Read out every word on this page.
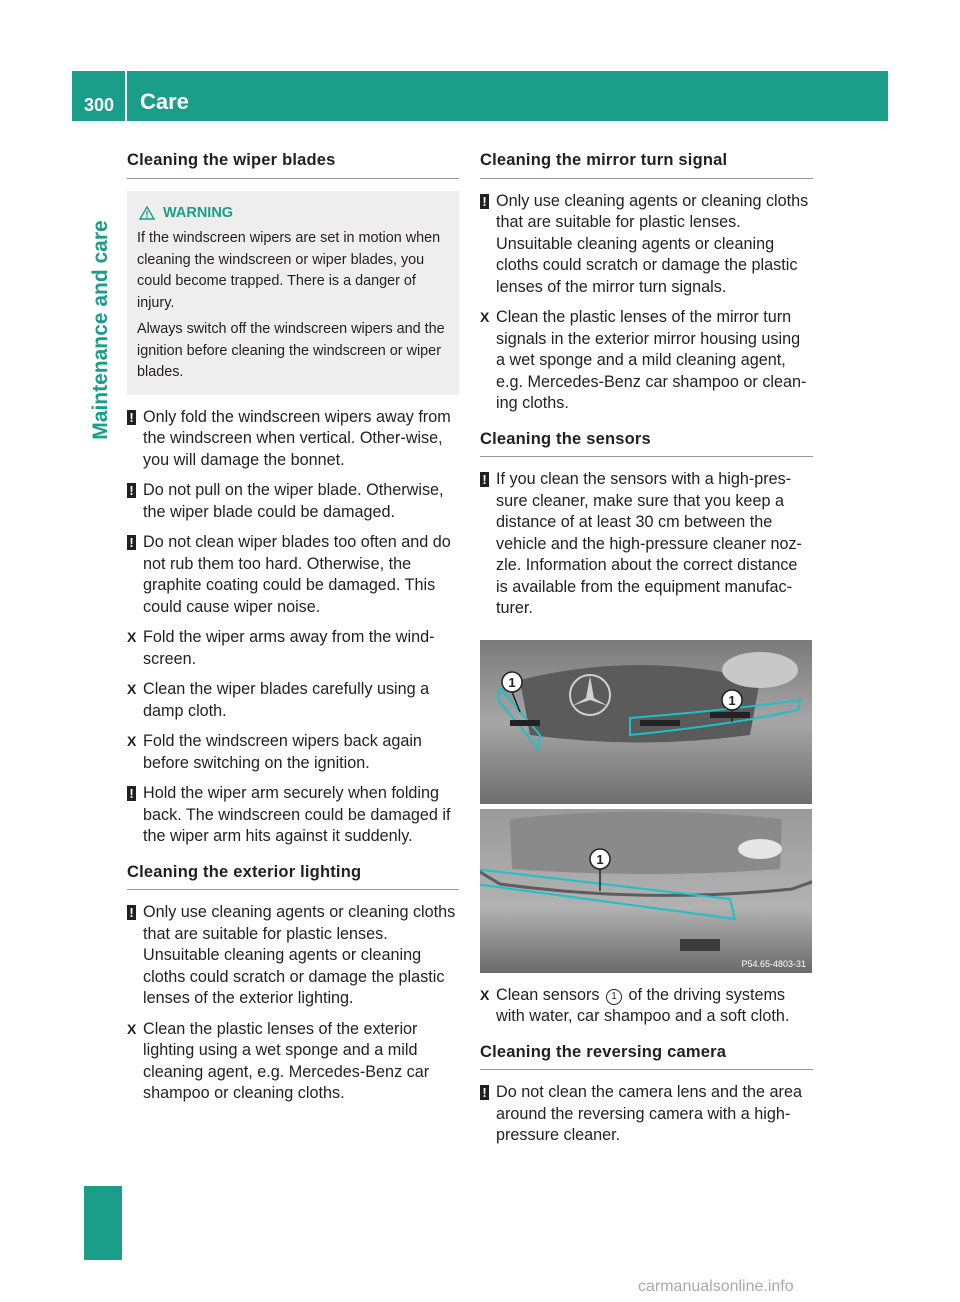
300 Care
Maintenance and care
Cleaning the wiper blades
WARNING

If the windscreen wipers are set in motion when cleaning the windscreen or wiper blades, you could become trapped. There is a danger of injury.

Always switch off the windscreen wipers and the ignition before cleaning the windscreen or wiper blades.

! Only fold the windscreen wipers away from the windscreen when vertical. Other-wise, you will damage the bonnet.
! Do not pull on the wiper blade. Otherwise, the wiper blade could be damaged.
! Do not clean wiper blades too often and do not rub them too hard. Otherwise, the graphite coating could be damaged. This could cause wiper noise.
X Fold the wiper arms away from the wind-screen.
X Clean the wiper blades carefully using a damp cloth.
X Fold the windscreen wipers back again before switching on the ignition.
! Hold the wiper arm securely when folding back. The windscreen could be damaged if the wiper arm hits against it suddenly.
Cleaning the exterior lighting
! Only use cleaning agents or cleaning cloths that are suitable for plastic lenses. Unsuitable cleaning agents or cleaning cloths could scratch or damage the plastic lenses of the exterior lighting.
X Clean the plastic lenses of the exterior lighting using a wet sponge and a mild cleaning agent, e.g. Mercedes-Benz car shampoo or cleaning cloths.
Cleaning the mirror turn signal
! Only use cleaning agents or cleaning cloths that are suitable for plastic lenses. Unsuitable cleaning agents or cleaning cloths could scratch or damage the plastic lenses of the mirror turn signals.
X Clean the plastic lenses of the mirror turn signals in the exterior mirror housing using a wet sponge and a mild cleaning agent, e.g. Mercedes-Benz car shampoo or clean-ing cloths.
Cleaning the sensors
! If you clean the sensors with a high-pres-sure cleaner, make sure that you keep a distance of at least 30 cm between the vehicle and the high-pressure cleaner noz-zle. Information about the correct distance is available from the equipment manufac-turer.
1
1
1
P54.65-4803-31
X Clean sensors 1 of the driving systems with water, car shampoo and a soft cloth.
Cleaning the reversing camera
! Do not clean the camera lens and the area around the reversing camera with a high-pressure cleaner.
carmanualsonline.info
